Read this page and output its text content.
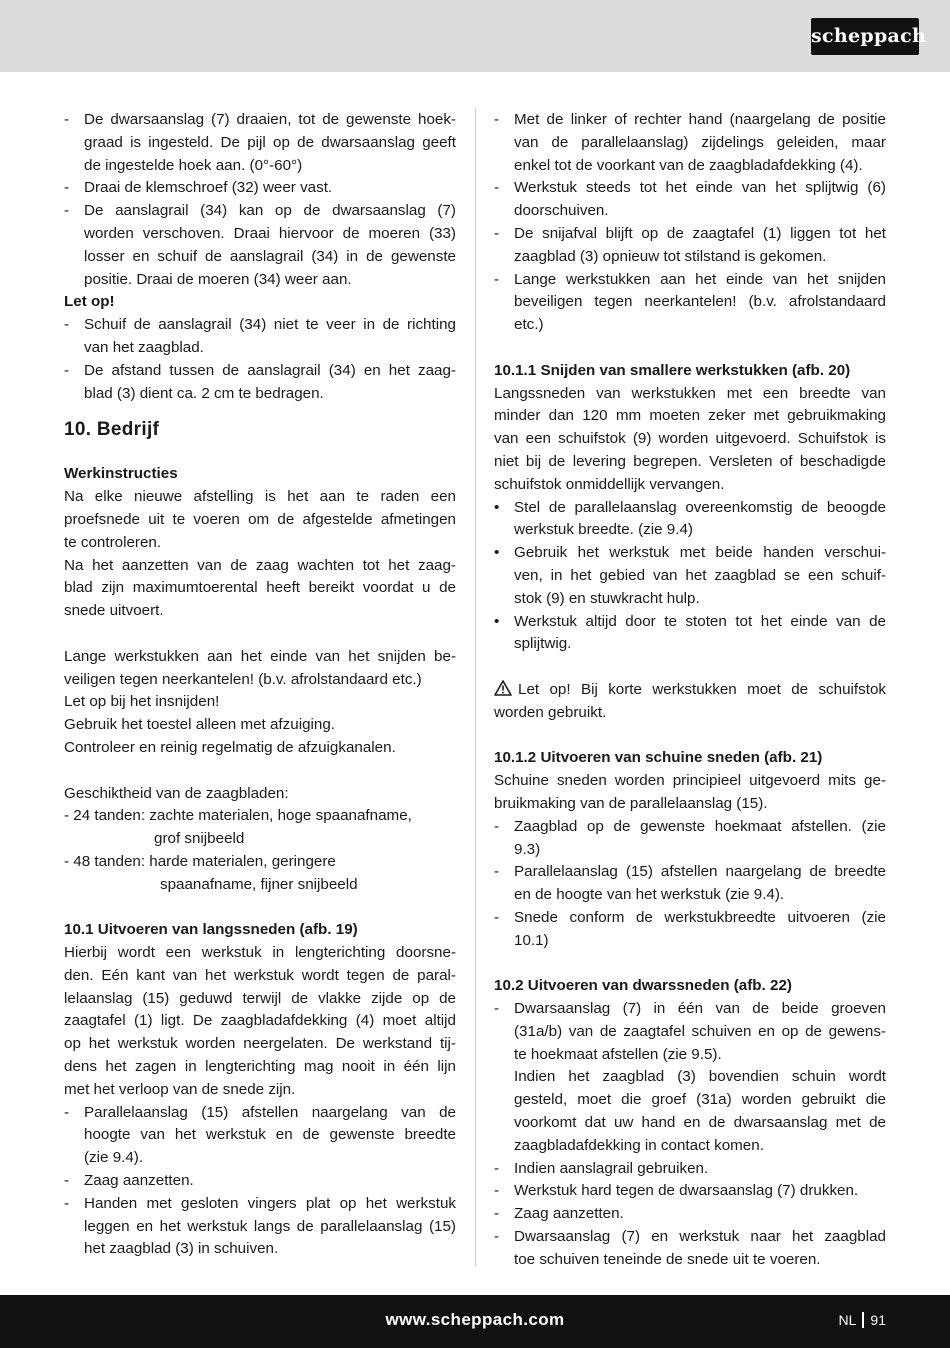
scheppach
- De dwarsaanslag (7) draaien, tot de gewenste hoek-
graad is ingesteld. De pijl op de dwarsaanslag geeft
de ingestelde hoek aan. (0°-60°)
- Draai de klemschroef (32) weer vast.
- De aanslagrail (34) kan op de dwarsaanslag (7)
worden verschoven. Draai hiervoor de moeren (33)
losser en schuif de aanslagrail (34) in de gewenste
positie. Draai de moeren (34) weer aan.
Let op!
- Schuif de aanslagrail (34) niet te veer in de richting
van het zaagblad.
- De afstand tussen de aanslagrail (34) en het zaag-
blad (3) dient ca. 2 cm te bedragen.
10. Bedrijf
Werkinstructies
Na elke nieuwe afstelling is het aan te raden een
proefsnede uit te voeren om de afgestelde afmetingen
te controleren.
Na het aanzetten van de zaag wachten tot het zaag-
blad zijn maximumtoerental heeft bereikt voordat u de
snede uitvoert.
Lange werkstukken aan het einde van het snijden be-
veiligen tegen neerkantelen! (b.v. afrolstandaard etc.)
Let op bij het insnijden!
Gebruik het toestel alleen met afzuiging.
Controleer en reinig regelmatig de afzuigkanalen.
Geschiktheid van de zaagbladen:
- 24 tanden: zachte materialen, hoge spaanafname,
grof snijbeeld
- 48 tanden: harde materialen, geringere
spaanafname, fijner snijbeeld
10.1 Uitvoeren van langssneden (afb. 19)
Hierbij wordt een werkstuk in lengterichting doorsne-
den. Eén kant van het werkstuk wordt tegen de paral-
lelaanslag (15) geduwd terwijl de vlakke zijde op de
zaagtafel (1) ligt. De zaagbladafdekking (4) moet altijd
op het werkstuk worden neergelaten. De werkstand tij-
dens het zagen in lengterichting mag nooit in één lijn
met het verloop van de snede zijn.
- Parallelaanslag (15) afstellen naargelang van de
hoogte van het werkstuk en de gewenste breedte
(zie 9.4).
- Zaag aanzetten.
- Handen met gesloten vingers plat op het werkstuk
leggen en het werkstuk langs de parallelaanslag (15)
het zaagblad (3) in schuiven.
- Met de linker of rechter hand (naargelang de positie
van de parallelaanslag) zijdelings geleiden, maar
enkel tot de voorkant van de zaagbladafdekking (4).
- Werkstuk steeds tot het einde van het splijtwig (6)
doorschuiven.
- De snijafval blijft op de zaagtafel (1) liggen tot het
zaagblad (3) opnieuw tot stilstand is gekomen.
- Lange werkstukken aan het einde van het snijden
beveiligen tegen neerkantelen! (b.v. afrolstandaard
etc.)
10.1.1 Snijden van smallere werkstukken (afb. 20)
Langssneden van werkstukken met een breedte van
minder dan 120 mm moeten zeker met gebruikmaking
van een schuifstok (9) worden uitgevoerd. Schuifstok is
niet bij de levering begrepen. Versleten of beschadigde
schuifstok onmiddellijk vervangen.
• Stel de parallelaanslag overeenkomstig de beoogde
werkstuk breedte. (zie 9.4)
• Gebruik het werkstuk met beide handen verschui-
ven, in het gebied van het zaagblad se een schuif-
stok (9) en stuwkracht hulp.
• Werkstuk altijd door te stoten tot het einde van de
splijtwig.
Let op! Bij korte werkstukken moet de schuifstok
worden gebruikt.
10.1.2 Uitvoeren van schuine sneden (afb. 21)
Schuine sneden worden principieel uitgevoerd mits ge-
bruikmaking van de parallelaanslag (15).
- Zaagblad op de gewenste hoekmaat afstellen. (zie
9.3)
- Parallelaanslag (15) afstellen naargelang de breedte
en de hoogte van het werkstuk (zie 9.4).
- Snede conform de werkstukbreedte uitvoeren (zie
10.1)
10.2 Uitvoeren van dwarssneden (afb. 22)
- Dwarsaanslag (7) in één van de beide groeven
(31a/b) van de zaagtafel schuiven en op de gewens-
te hoekmaat afstellen (zie 9.5).
Indien het zaagblad (3) bovendien schuin wordt
gesteld, moet die groef (31a) worden gebruikt die
voorkomt dat uw hand en de dwarsaanslag met de
zaagbladafdekking in contact komen.
- Indien aanslagrail gebruiken.
- Werkstuk hard tegen de dwarsaanslag (7) drukken.
- Zaag aanzetten.
- Dwarsaanslag (7) en werkstuk naar het zaagblad
toe schuiven teneinde de snede uit te voeren.
www.scheppach.com	NL 91
